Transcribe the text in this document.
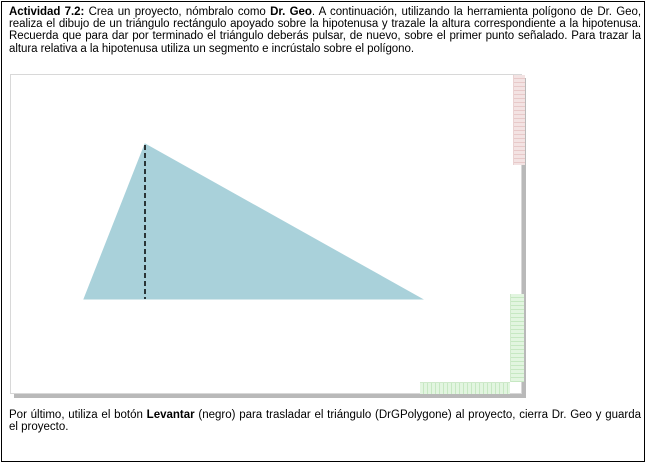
Actividad 7.2: Crea un proyecto, nómbralo como Dr. Geo. A continuación, utilizando la herramienta polígono de Dr. Geo, realiza el dibujo de un triángulo rectángulo apoyado sobre la hipotenusa y trazale la altura correspondiente a la hipotenusa. Recuerda que para dar por terminado el triángulo deberás pulsar, de nuevo, sobre el primer punto señalado. Para trazar la altura relativa a la hipotenusa utiliza un segmento e incrústalo sobre el polígono.
Por último, utiliza el botón Levantar (negro) para trasladar el triángulo (DrGPolygone) al proyecto, cierra Dr. Geo y guarda el proyecto.
